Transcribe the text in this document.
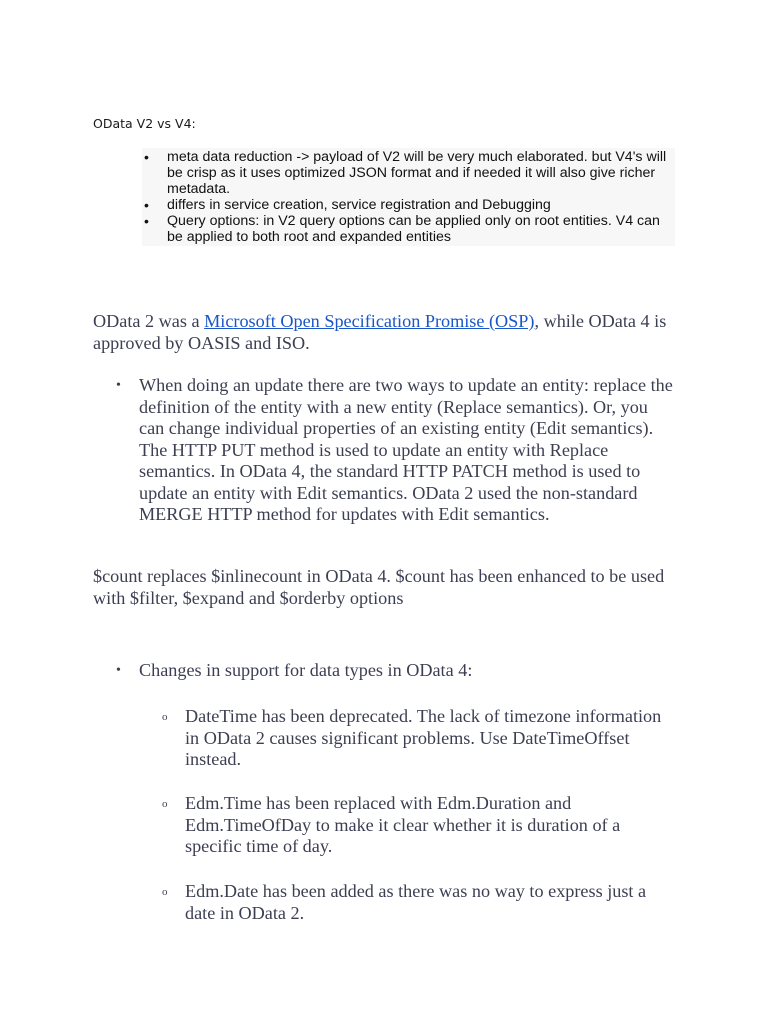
OData V2 vs V4:
• meta data reduction -> payload of V2 will be very much elaborated. but V4's will be crisp as it uses optimized JSON format and if needed it will also give richer metadata.
• differs in service creation, service registration and Debugging
• Query options: in V2 query options can be applied only on root entities. V4 can be applied to both root and expanded entities

OData 2 was a Microsoft Open Specification Promise (OSP), while OData 4 is approved by OASIS and ISO.

• When doing an update there are two ways to update an entity: replace the definition of the entity with a new entity (Replace semantics). Or, you can change individual properties of an existing entity (Edit semantics). The HTTP PUT method is used to update an entity with Replace semantics. In OData 4, the standard HTTP PATCH method is used to update an entity with Edit semantics. OData 2 used the non-standard MERGE HTTP method for updates with Edit semantics.

$count replaces $inlinecount in OData 4. $count has been enhanced to be used with $filter, $expand and $orderby options

• Changes in support for data types in OData 4:
o DateTime has been deprecated. The lack of timezone information in OData 2 causes significant problems. Use DateTimeOffset instead.
o Edm.Time has been replaced with Edm.Duration and Edm.TimeOfDay to make it clear whether it is duration of a specific time of day.
o Edm.Date has been added as there was no way to express just a date in OData 2.
